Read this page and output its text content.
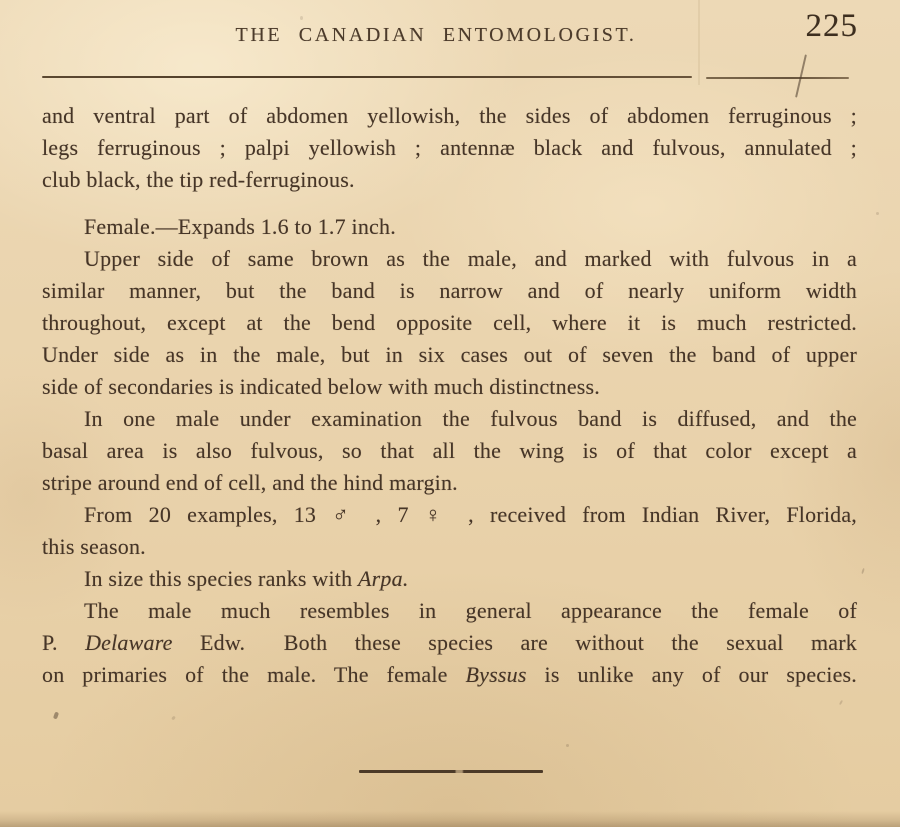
THE CANADIAN ENTOMOLOGIST.	225

and ventral part of abdomen yellowish, the sides of abdomen ferruginous ;
legs ferruginous ; palpi yellowish ; antennæ black and fulvous, annulated ;
club black, the tip red-ferruginous.

Female.—Expands 1.6 to 1.7 inch.

Upper side of same brown as the male, and marked with fulvous in a
similar manner, but the band is narrow and of nearly uniform width
throughout, except at the bend opposite cell, where it is much restricted.
Under side as in the male, but in six cases out of seven the band of upper
side of secondaries is indicated below with much distinctness.

In one male under examination the fulvous band is diffused, and the
basal area is also fulvous, so that all the wing is of that color except a
stripe around end of cell, and the hind margin.

From 20 examples, 13 ♂ , 7 ♀ , received from Indian River, Florida,
this season.

In size this species ranks with Arpa.

The male much resembles in general appearance the female of
P. Delaware Edw.  Both these species are without the sexual mark
on primaries of the male. The female Byssus is unlike any of our species.
